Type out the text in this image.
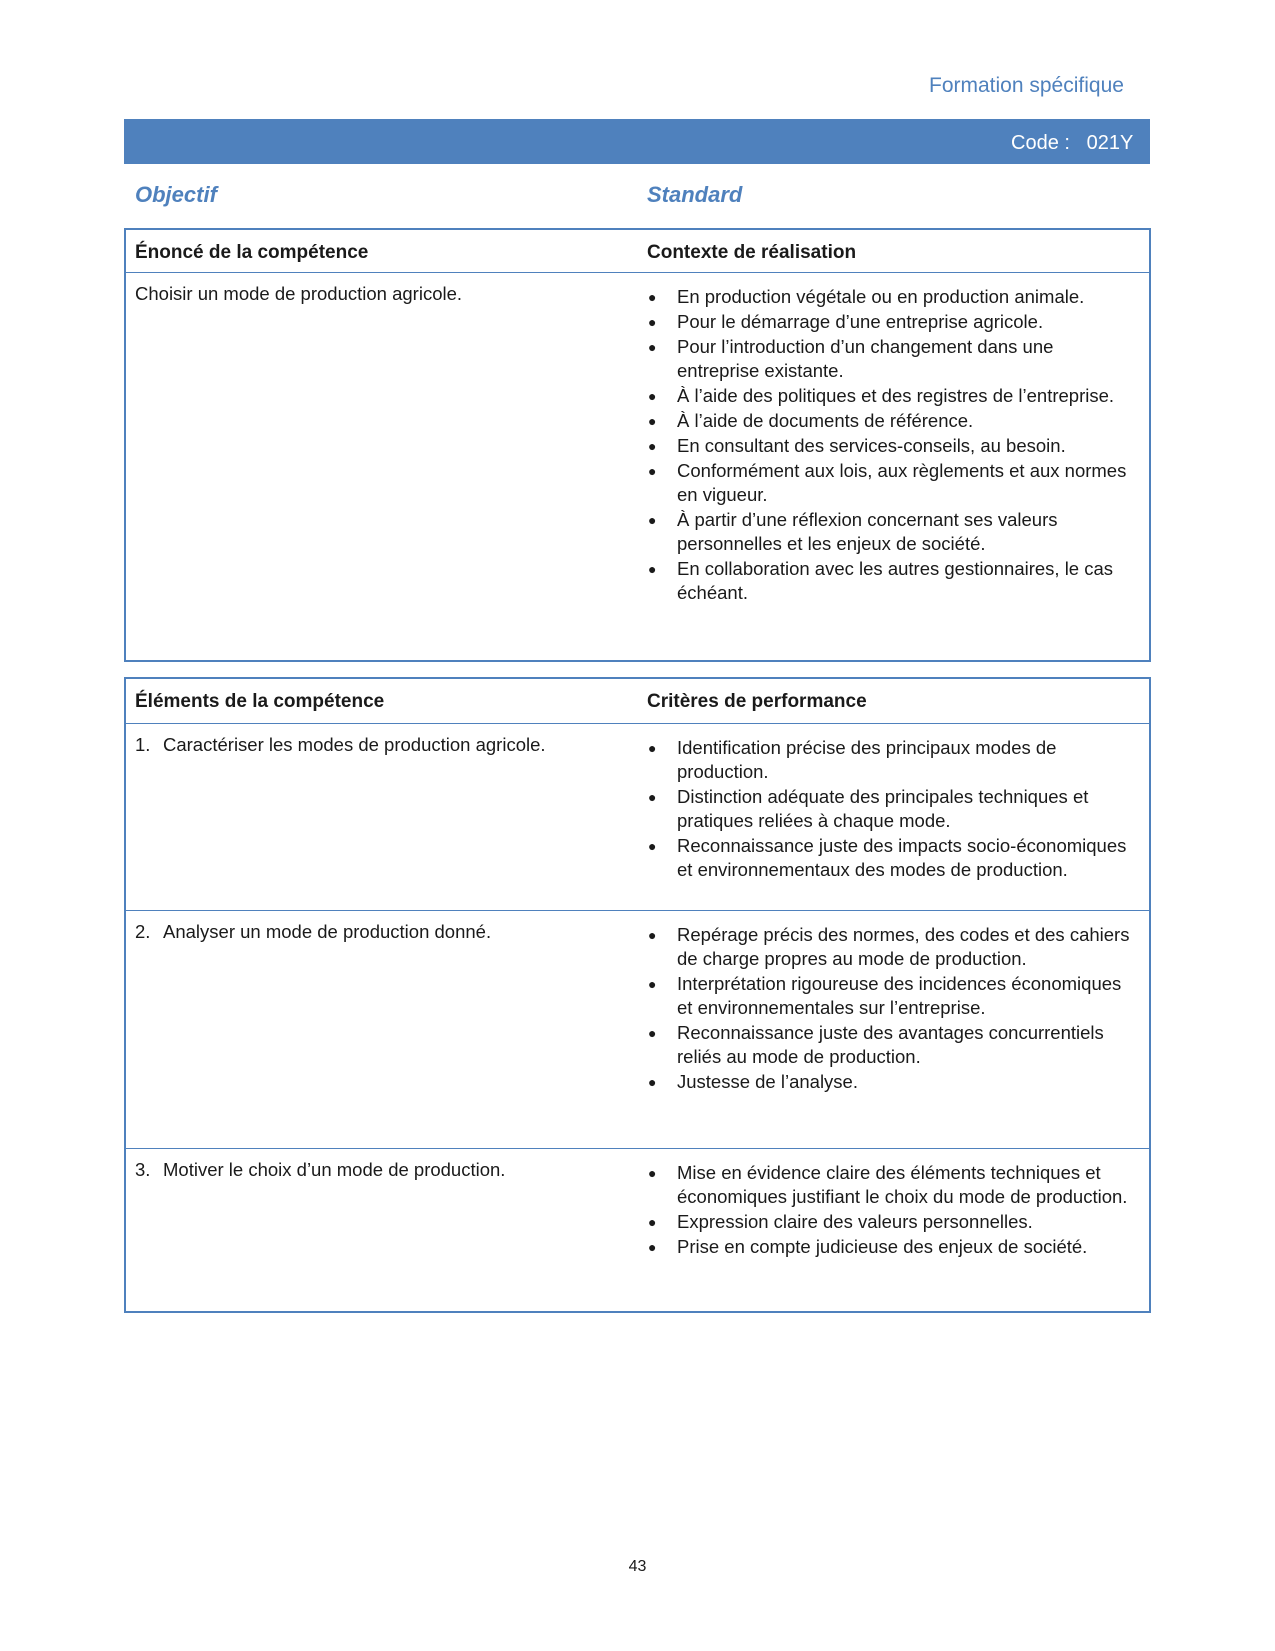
Formation spécifique
Code :   021Y
Objectif	Standard
Énoncé de la compétence	Contexte de réalisation
Choisir un mode de production agricole.	● En production végétale ou en production animale.
● Pour le démarrage d’une entreprise agricole.
● Pour l’introduction d’un changement dans une entreprise existante.
● À l’aide des politiques et des registres de l’entreprise.
● À l’aide de documents de référence.
● En consultant des services-conseils, au besoin.
● Conformément aux lois, aux règlements et aux normes en vigueur.
● À partir d’une réflexion concernant ses valeurs personnelles et les enjeux de société.
● En collaboration avec les autres gestionnaires, le cas échéant.
Éléments de la compétence	Critères de performance
1. Caractériser les modes de production agricole.	● Identification précise des principaux modes de production.
● Distinction adéquate des principales techniques et pratiques reliées à chaque mode.
● Reconnaissance juste des impacts socio-économiques et environnementaux des modes de production.
2. Analyser un mode de production donné.	● Repérage précis des normes, des codes et des cahiers de charge propres au mode de production.
● Interprétation rigoureuse des incidences économiques et environnementales sur l’entreprise.
● Reconnaissance juste des avantages concurrentiels reliés au mode de production.
● Justesse de l’analyse.
3. Motiver le choix d’un mode de production.	● Mise en évidence claire des éléments techniques et économiques justifiant le choix du mode de production.
● Expression claire des valeurs personnelles.
● Prise en compte judicieuse des enjeux de société.
43
